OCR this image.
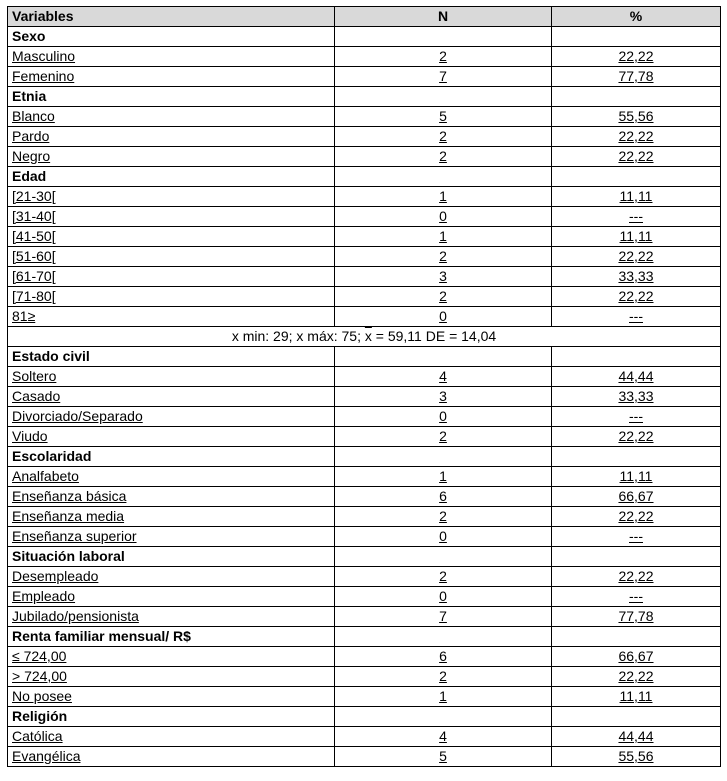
Variables	N	%
Sexo		
Masculino	2	22,22
Femenino	7	77,78
Etnia		
Blanco	5	55,56
Pardo	2	22,22
Negro	2	22,22
Edad		
[21-30[	1	11,11
[31-40[	0	---
[41-50[	1	11,11
[51-60[	2	22,22
[61-70[	3	33,33
[71-80[	2	22,22
81≥	0	---
x min: 29; x máx: 75; $\overline{x} = 59,11$ DE = 14,04		
Estado civil		
Soltero	4	44,44
Casado	3	33,33
Divorciado/Separado	0	---
Viudo	2	22,22
Escolaridad		
Analfabeto	1	11,11
Enseñanza básica	6	66,67
Enseñanza media	2	22,22
Enseñanza superior	0	---
Situación laboral		
Desempleado	2	22,22
Empleado	0	---
Jubilado/pensionista	7	77,78
Renta familiar mensual/ R$		
≤ 724,00	6	66,67
> 724,00	2	22,22
No posee	1	11,11
Religión		
Católica	4	44,44
Evangélica	5	55,56
